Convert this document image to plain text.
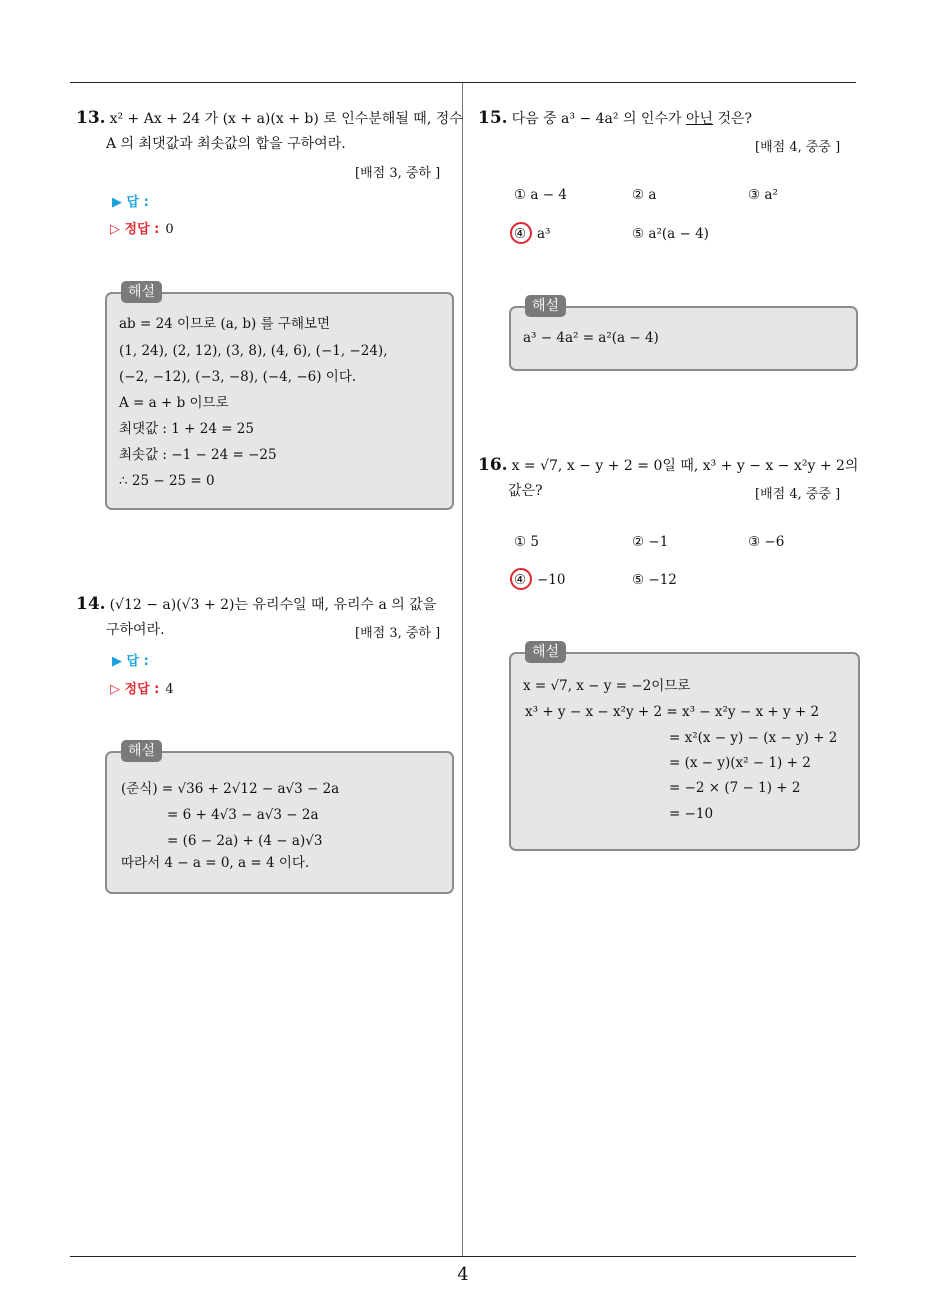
13. x² + Ax + 24 가 (x + a)(x + b) 로 인수분해될 때, 정수
A 의 최댓값과 최솟값의 합을 구하여라.
[배점 3, 중하 ]
▶ 답 :
▷ 정답 : 0
해설
ab = 24 이므로 (a, b) 를 구해보면
(1, 24), (2, 12), (3, 8), (4, 6), (−1, −24),
(−2, −12), (−3, −8), (−4, −6) 이다.
A = a + b 이므로
최댓값 : 1 + 24 = 25
최솟값 : −1 − 24 = −25
∴ 25 − 25 = 0
14. (√12 − a)(√3 + 2)는 유리수일 때, 유리수 a 의 값을
구하여라.	[배점 3, 중하 ]
▶ 답 :
▷ 정답 : 4
해설
(준식) = √36 + 2√12 − a√3 − 2a
= 6 + 4√3 − a√3 − 2a
= (6 − 2a) + (4 − a)√3
따라서 4 − a = 0, a = 4 이다.
15. 다음 중 a³ − 4a² 의 인수가 아닌 것은?
[배점 4, 중중 ]
① a − 4	② a	③ a²
④ a³	⑤ a²(a − 4)
해설
a³ − 4a² = a²(a − 4)
16. x = √7, x − y + 2 = 0일 때, x³ + y − x − x²y + 2의
값은?	[배점 4, 중중 ]
① 5	② −1	③ −6
④ −10	⑤ −12
해설
x = √7, x − y = −2이므로
x³ + y − x − x²y + 2 = x³ − x²y − x + y + 2
= x²(x − y) − (x − y) + 2
= (x − y)(x² − 1) + 2
= −2 × (7 − 1) + 2
= −10
4
